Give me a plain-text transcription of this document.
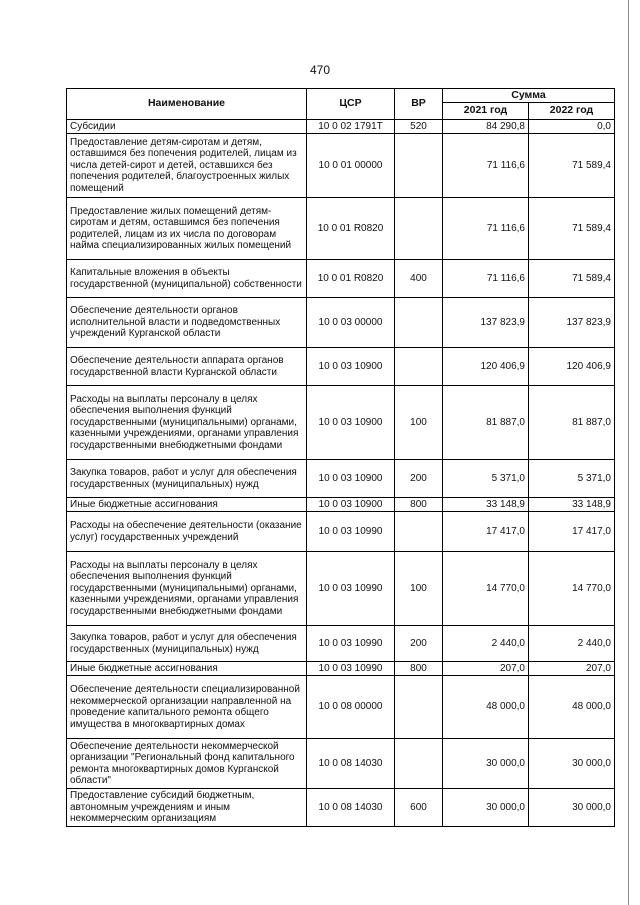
470
Наименование	ЦСР	ВР	Сумма	
			2021 год	2022 год
Субсидии	10 0 02 1791Т	520	84 290,8	0,0
Предоставление детям-сиротам и детям, оставшимся без попечения родителей, лицам из числа детей-сирот и детей, оставшихся без попечения родителей, благоустроенных жилых помещений	10 0 01 00000		71 116,6	71 589,4
Предоставление жилых помещений детям-сиротам и детям, оставшимся без попечения родителей, лицам из их числа по договорам найма специализированных жилых помещений	10 0 01 R0820		71 116,6	71 589,4
Капитальные вложения в объекты государственной (муниципальной) собственности	10 0 01 R0820	400	71 116,6	71 589,4
Обеспечение деятельности органов исполнительной власти и подведомственных учреждений Курганской области	10 0 03 00000		137 823,9	137 823,9
Обеспечение деятельности аппарата органов государственной власти Курганской области	10 0 03 10900		120 406,9	120 406,9
Расходы на выплаты персоналу в целях обеспечения выполнения функций государственными (муниципальными) органами, казенными учреждениями, органами управления государственными внебюджетными фондами	10 0 03 10900	100	81 887,0	81 887,0
Закупка товаров, работ и услуг для обеспечения государственных (муниципальных) нужд	10 0 03 10900	200	5 371,0	5 371,0
Иные бюджетные ассигнования	10 0 03 10900	800	33 148,9	33 148,9
Расходы на обеспечение деятельности (оказание услуг) государственных учреждений	10 0 03 10990		17 417,0	17 417,0
Расходы на выплаты персоналу в целях обеспечения выполнения функций государственными (муниципальными) органами, казенными учреждениями, органами управления государственными внебюджетными фондами	10 0 03 10990	100	14 770,0	14 770,0
Закупка товаров, работ и услуг для обеспечения государственных (муниципальных) нужд	10 0 03 10990	200	2 440,0	2 440,0
Иные бюджетные ассигнования	10 0 03 10990	800	207,0	207,0
Обеспечение деятельности специализированной некоммерческой организации направленной на проведение капитального ремонта общего имущества в многоквартирных домах	10 0 08 00000		48 000,0	48 000,0
Обеспечение деятельности некоммерческой организации "Региональный фонд капитального ремонта многоквартирных домов Курганской области"	10 0 08 14030		30 000,0	30 000,0
Предоставление субсидий бюджетным, автономным учреждениям и иным некоммерческим организациям	10 0 08 14030	600	30 000,0	30 000,0
